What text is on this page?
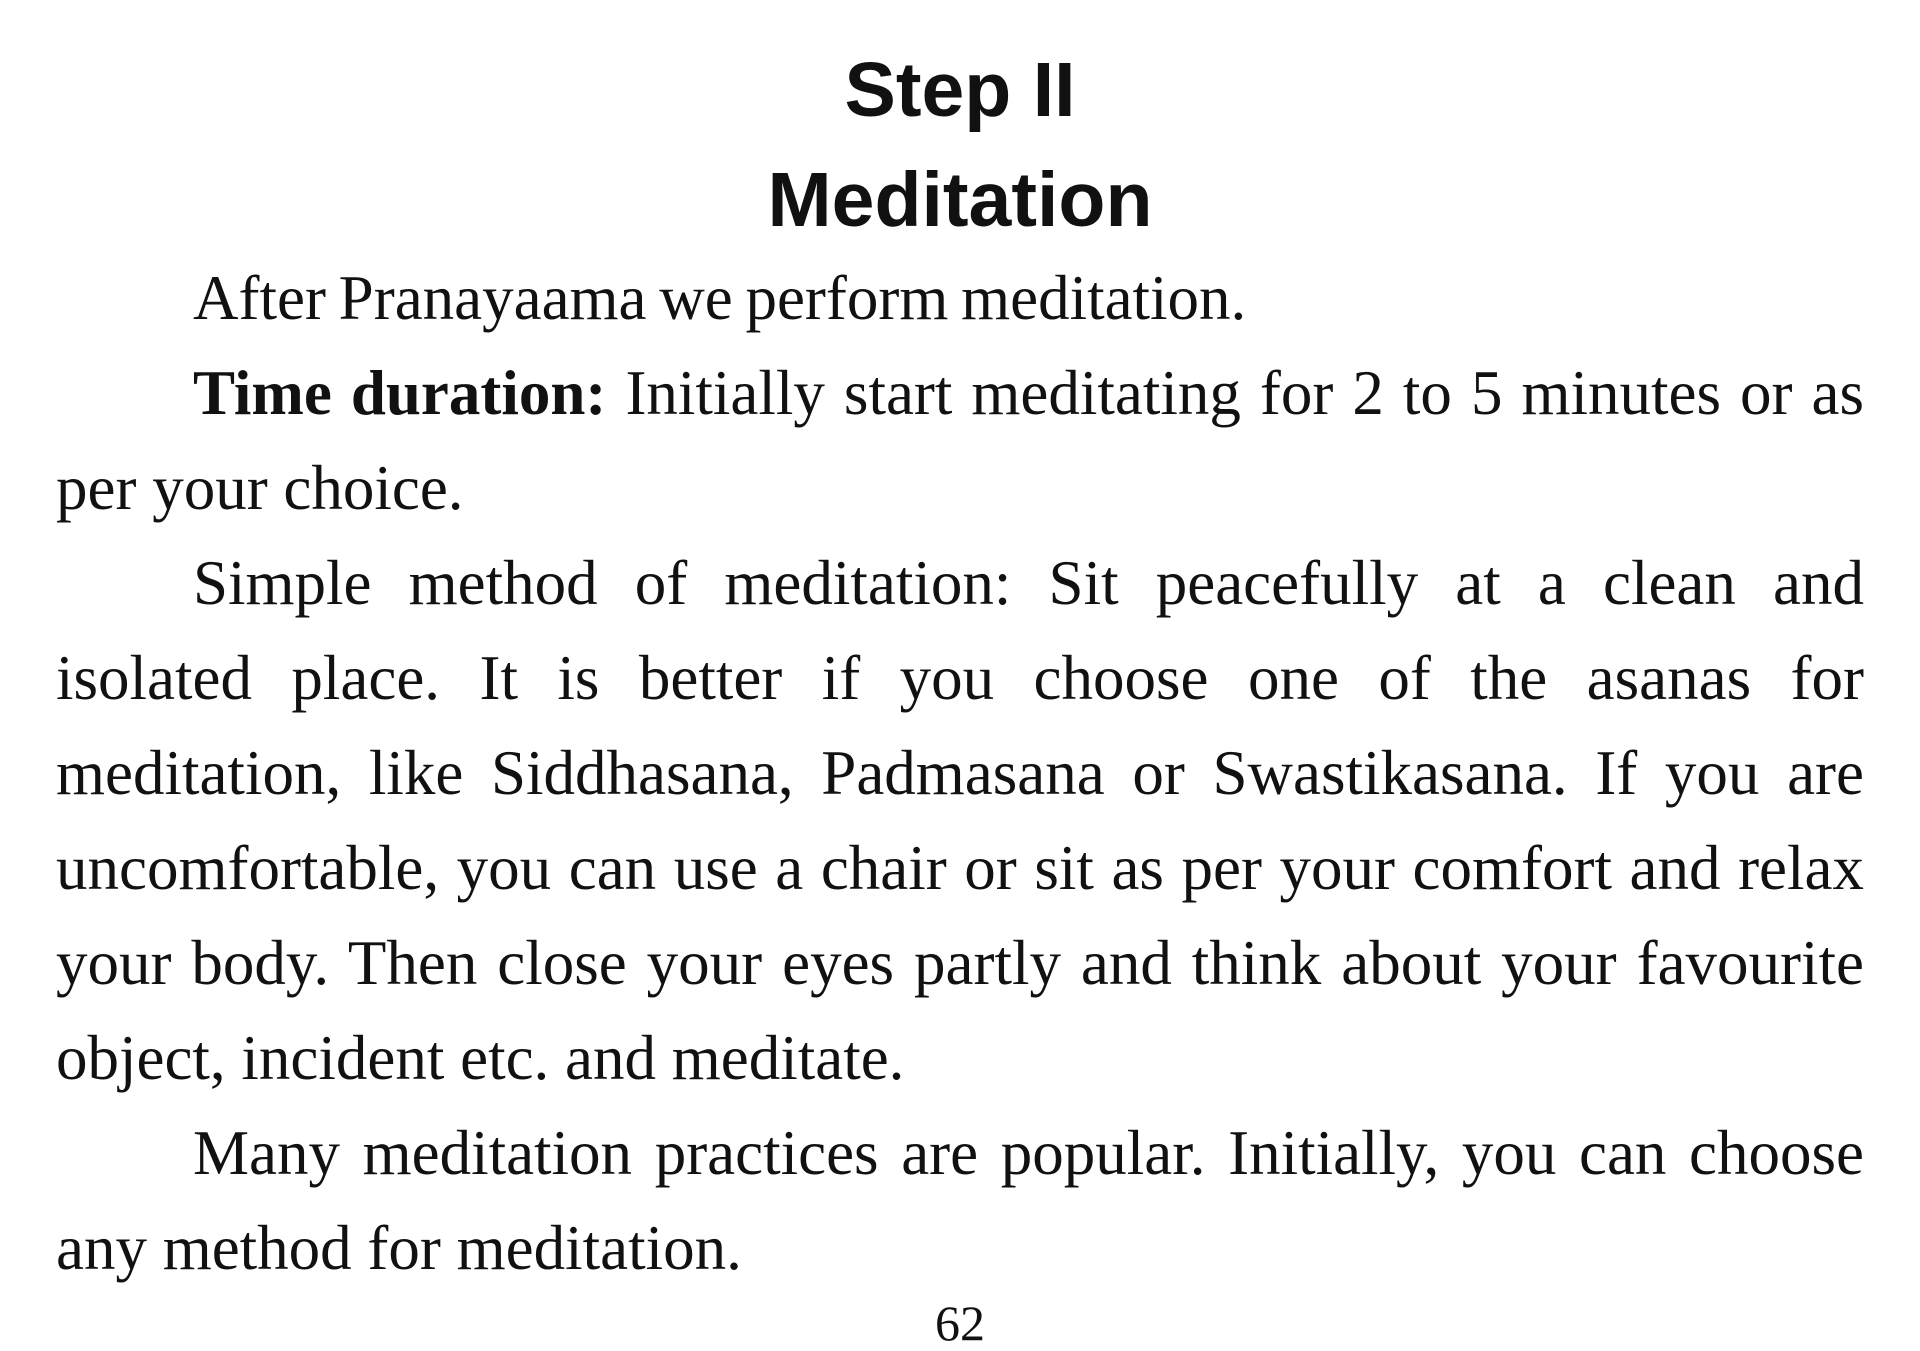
Step II
Meditation

After Pranayaama we perform meditation.

Time duration: Initially start meditating for 2 to 5 minutes or as per your choice.

Simple method of meditation: Sit peacefully at a clean and isolated place. It is better if you choose one of the asanas for meditation, like Siddhasana, Padmasana or Swastikasana. If you are uncomfortable, you can use a chair or sit as per your comfort and relax your body. Then close your eyes partly and think about your favourite object, incident etc. and meditate.

Many meditation practices are popular. Initially, you can choose any method for meditation.

62
